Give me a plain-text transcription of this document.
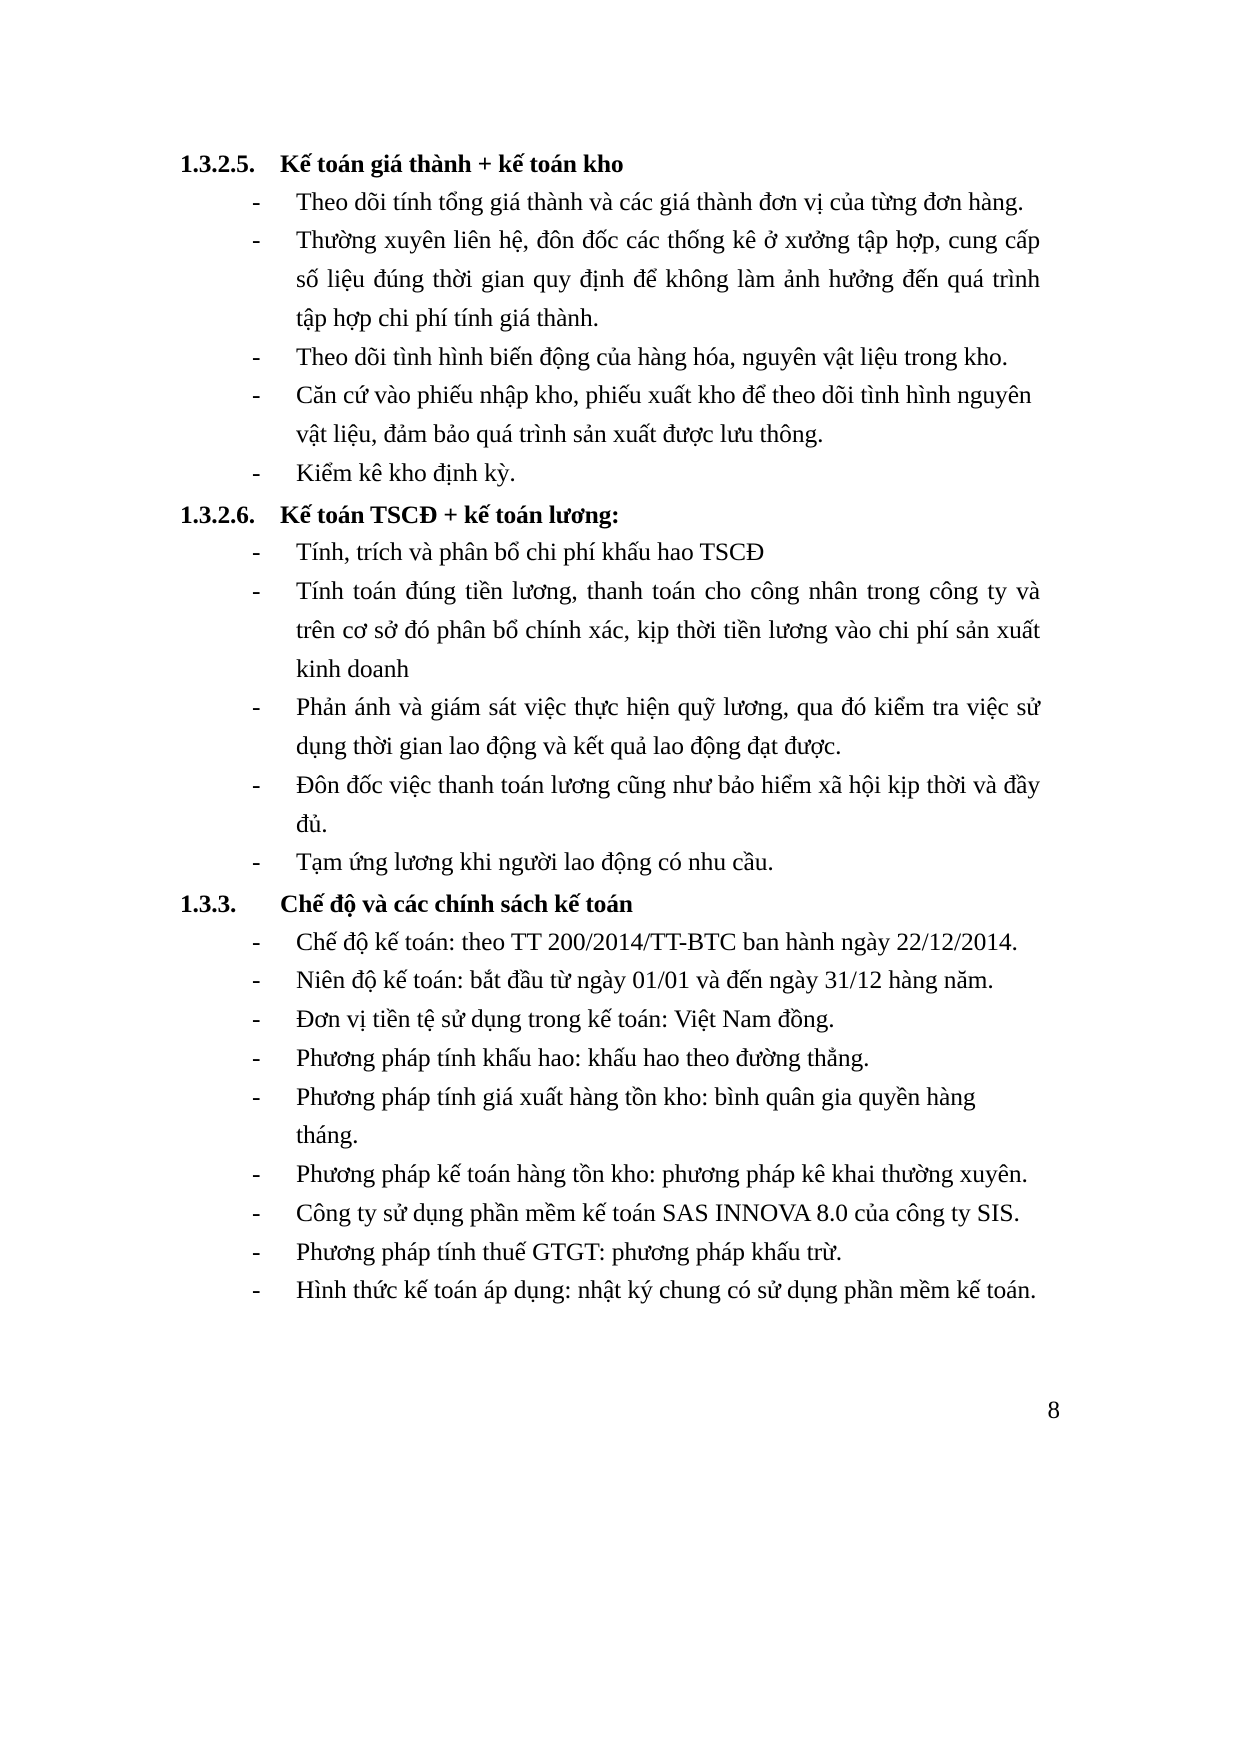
1.3.2.5. Kế toán giá thành + kế toán kho
-	Theo dõi tính tổng giá thành và các giá thành đơn vị của từng đơn hàng.
-	Thường xuyên liên hệ, đôn đốc các thống kê ở xưởng tập hợp, cung cấp số liệu đúng thời gian quy định để không làm ảnh hưởng đến quá trình tập hợp chi phí tính giá thành.
-	Theo dõi tình hình biến động của hàng hóa, nguyên vật liệu trong kho.
-	Căn cứ vào phiếu nhập kho, phiếu xuất kho để theo dõi tình hình nguyên vật liệu, đảm bảo quá trình sản xuất được lưu thông.
-	Kiểm kê kho định kỳ.
1.3.2.6. Kế toán TSCĐ + kế toán lương:
-	Tính, trích và phân bổ chi phí khấu hao TSCĐ
-	Tính toán đúng tiền lương, thanh toán cho công nhân trong công ty và trên cơ sở đó phân bổ chính xác, kịp thời tiền lương vào chi phí sản xuất kinh doanh
-	Phản ánh và giám sát việc thực hiện quỹ lương, qua đó kiểm tra việc sử dụng thời gian lao động và kết quả lao động đạt được.
-	Đôn đốc việc thanh toán lương cũng như bảo hiểm xã hội kịp thời và đầy đủ.
-	Tạm ứng lương khi người lao động có nhu cầu.
1.3.3.	Chế độ và các chính sách kế toán
-	Chế độ kế toán: theo TT 200/2014/TT-BTC ban hành ngày 22/12/2014.
-	Niên độ kế toán: bắt đầu từ ngày 01/01 và đến ngày 31/12 hàng năm.
-	Đơn vị tiền tệ sử dụng trong kế toán: Việt Nam đồng.
-	Phương pháp tính khấu hao: khấu hao theo đường thẳng.
-	Phương pháp tính giá xuất hàng tồn kho: bình quân gia quyền hàng tháng.
-	Phương pháp kế toán hàng tồn kho: phương pháp kê khai thường xuyên.
-	Công ty sử dụng phần mềm kế toán SAS INNOVA 8.0 của công ty SIS.
-	Phương pháp tính thuế GTGT: phương pháp khấu trừ.
-	Hình thức kế toán áp dụng: nhật ký chung có sử dụng phần mềm kế toán.
8
